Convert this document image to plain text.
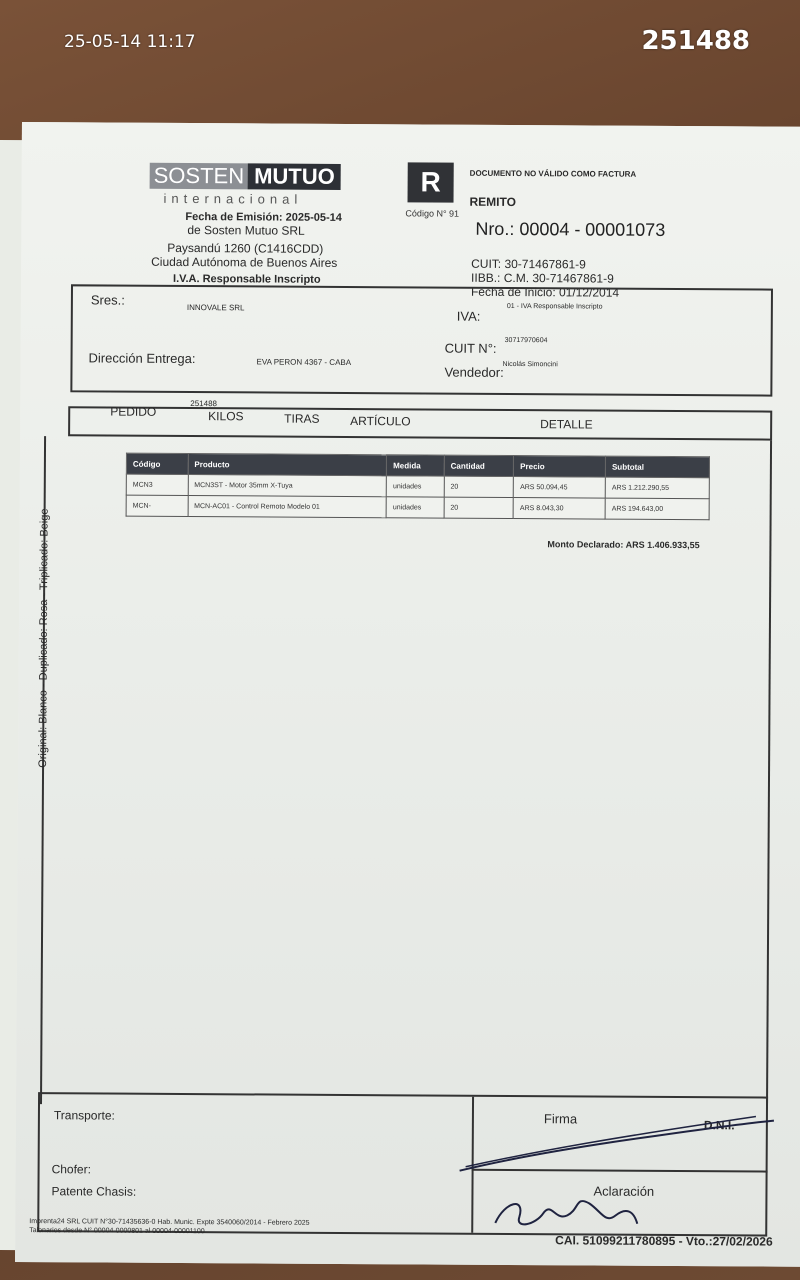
25-05-14 11:17	251488
SOSTEN MUTUO
internacional
Fecha de Emisión: 2025-05-14
de Sosten Mutuo SRL
Paysandú 1260 (C1416CDD)
Ciudad Autónoma de Buenos Aires
I.V.A. Responsable Inscripto
R
Código N° 91
DOCUMENTO NO VÁLIDO COMO FACTURA
REMITO
Nro.: 00004 - 00001073
CUIT: 30-71467861-9
IIBB.: C.M. 30-71467861-9
Fecha de Inicio: 01/12/2014
Sres.:
INNOVALE SRL
IVA:
01 - IVA Responsable Inscripto
CUIT N°:
30717970604
Dirección Entrega:	EVA PERON 4367 - CABA
Vendedor:
Nicolás Simoncini
PEDIDO
251488
KILOS	TIRAS	ARTÍCULO	DETALLE
Código	Producto	Medida	Cantidad	Precio	Subtotal
MCN3	MCN3ST - Motor 35mm X-Tuya	unidades	20	ARS 50.094,45	ARS 1.212.290,55
MCN-	MCN-AC01 - Control Remoto Modelo 01	unidades	20	ARS 8.043,30	ARS 194.643,00
Monto Declarado: ARS 1.406.933,55
Original: Blanco - Duplicado: Rosa - Triplicado: Beige
Transporte:
Chofer:
Patente Chasis:
Firma	D.N.I.
Aclaración
Imprenta24 SRL CUIT N°30-71435636-0 Hab. Munic. Expte 3540060/2014 - Febrero 2025
Talonarios desde N° 00004-0000801 al 00004-00001100
CAI. 51099211780895 - Vto.:27/02/2026
